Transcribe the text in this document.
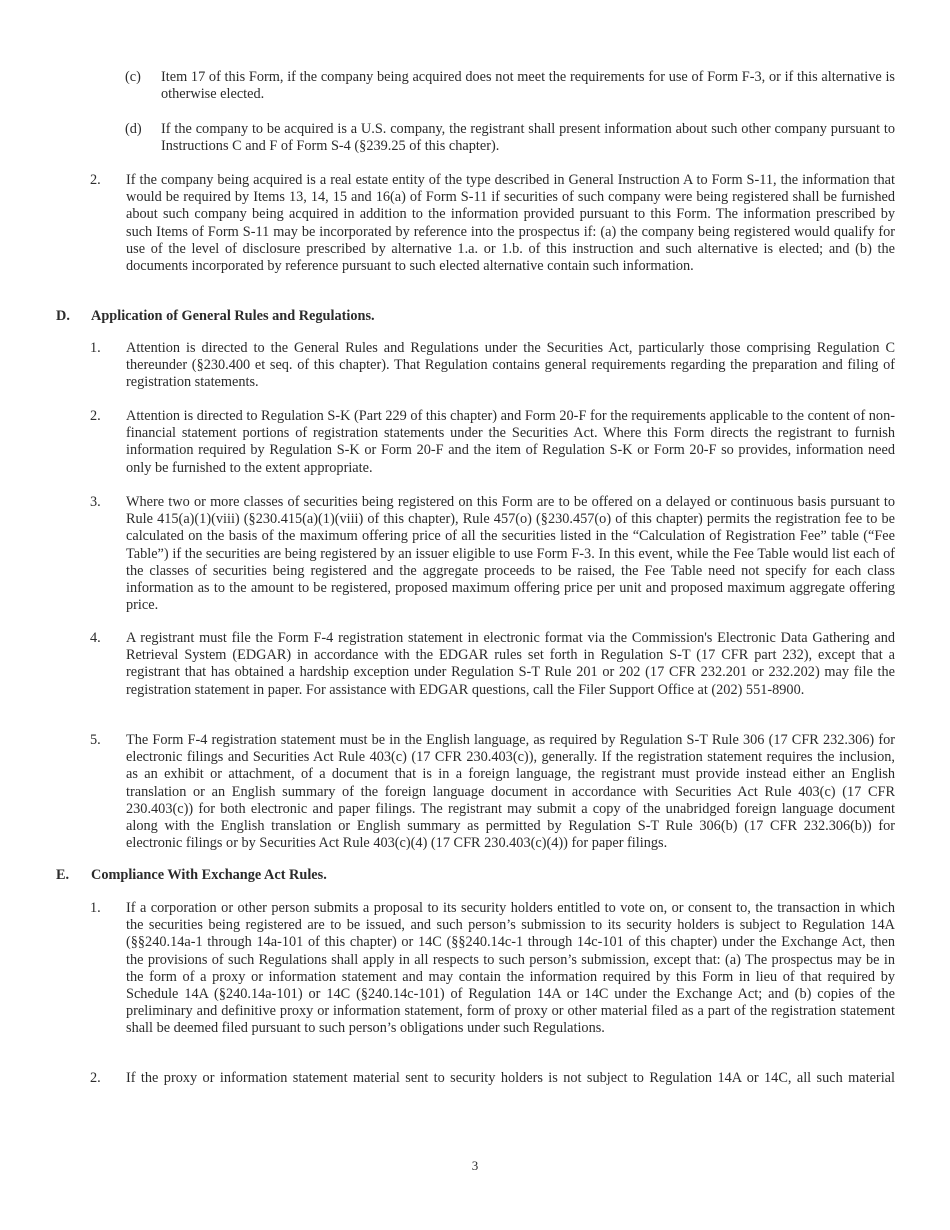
(c)	Item 17 of this Form, if the company being acquired does not meet the requirements for use of Form F-3, or if this alternative is otherwise elected.

(d)	If the company to be acquired is a U.S. company, the registrant shall present information about such other company pursuant to Instructions C and F of Form S-4 (§239.25 of this chapter).

2.	If the company being acquired is a real estate entity of the type described in General Instruction A to Form S-11, the information that would be required by Items 13, 14, 15 and 16(a) of Form S-11 if securities of such company were being registered shall be furnished about such company being acquired in addition to the information provided pursuant to this Form. The information prescribed by such Items of Form S-11 may be incorporated by reference into the prospectus if: (a) the company being registered would qualify for use of the level of disclosure prescribed by alternative 1.a. or 1.b. of this instruction and such alternative is elected; and (b) the documents incorporated by reference pursuant to such elected alternative contain such information.

D.	Application of General Rules and Regulations.
1.	Attention is directed to the General Rules and Regulations under the Securities Act, particularly those comprising Regulation C thereunder (§230.400 et seq. of this chapter). That Regulation contains general requirements regarding the preparation and filing of registration statements.

2.	Attention is directed to Regulation S-K (Part 229 of this chapter) and Form 20-F for the requirements applicable to the content of non-financial statement portions of registration statements under the Securities Act. Where this Form directs the registrant to furnish information required by Regulation S-K or Form 20-F and the item of Regulation S-K or Form 20-F so provides, information need only be furnished to the extent appropriate.

3.	Where two or more classes of securities being registered on this Form are to be offered on a delayed or continuous basis pursuant to Rule 415(a)(1)(viii) (§230.415(a)(1)(viii) of this chapter), Rule 457(o) (§230.457(o) of this chapter) permits the registration fee to be calculated on the basis of the maximum offering price of all the securities listed in the “Calculation of Registration Fee” table (“Fee Table”) if the securities are being registered by an issuer eligible to use Form F-3. In this event, while the Fee Table would list each of the classes of securities being registered and the aggregate proceeds to be raised, the Fee Table need not specify for each class information as to the amount to be registered, proposed maximum offering price per unit and proposed maximum aggregate offering price.

4.	A registrant must file the Form F-4 registration statement in electronic format via the Commission's Electronic Data Gathering and Retrieval System (EDGAR) in accordance with the EDGAR rules set forth in Regulation S-T (17 CFR part 232), except that a registrant that has obtained a hardship exception under Regulation S-T Rule 201 or 202 (17 CFR 232.201 or 232.202) may file the registration statement in paper. For assistance with EDGAR questions, call the Filer Support Office at (202) 551-8900.

5.	The Form F-4 registration statement must be in the English language, as required by Regulation S-T Rule 306 (17 CFR 232.306) for electronic filings and Securities Act Rule 403(c) (17 CFR 230.403(c)), generally. If the registration statement requires the inclusion, as an exhibit or attachment, of a document that is in a foreign language, the registrant must provide instead either an English translation or an English summary of the foreign language document in accordance with Securities Act Rule 403(c) (17 CFR 230.403(c)) for both electronic and paper filings. The registrant may submit a copy of the unabridged foreign language document along with the English translation or English summary as permitted by Regulation S-T Rule 306(b) (17 CFR 232.306(b)) for electronic filings or by Securities Act Rule 403(c)(4) (17 CFR 230.403(c)(4)) for paper filings.

E.	Compliance With Exchange Act Rules.
1.	If a corporation or other person submits a proposal to its security holders entitled to vote on, or consent to, the transaction in which the securities being registered are to be issued, and such person’s submission to its security holders is subject to Regulation 14A (§§240.14a-1 through 14a-101 of this chapter) or 14C (§§240.14c-1 through 14c-101 of this chapter) under the Exchange Act, then the provisions of such Regulations shall apply in all respects to such person’s submission, except that: (a) The prospectus may be in the form of a proxy or information statement and may contain the information required by this Form in lieu of that required by Schedule 14A (§240.14a-101) or 14C (§240.14c-101) of Regulation 14A or 14C under the Exchange Act; and (b) copies of the preliminary and definitive proxy or information statement, form of proxy or other material filed as a part of the registration statement shall be deemed filed pursuant to such person’s obligations under such Regulations.

2.	If the proxy or information statement material sent to security holders is not subject to Regulation 14A or 14C, all such material

3
